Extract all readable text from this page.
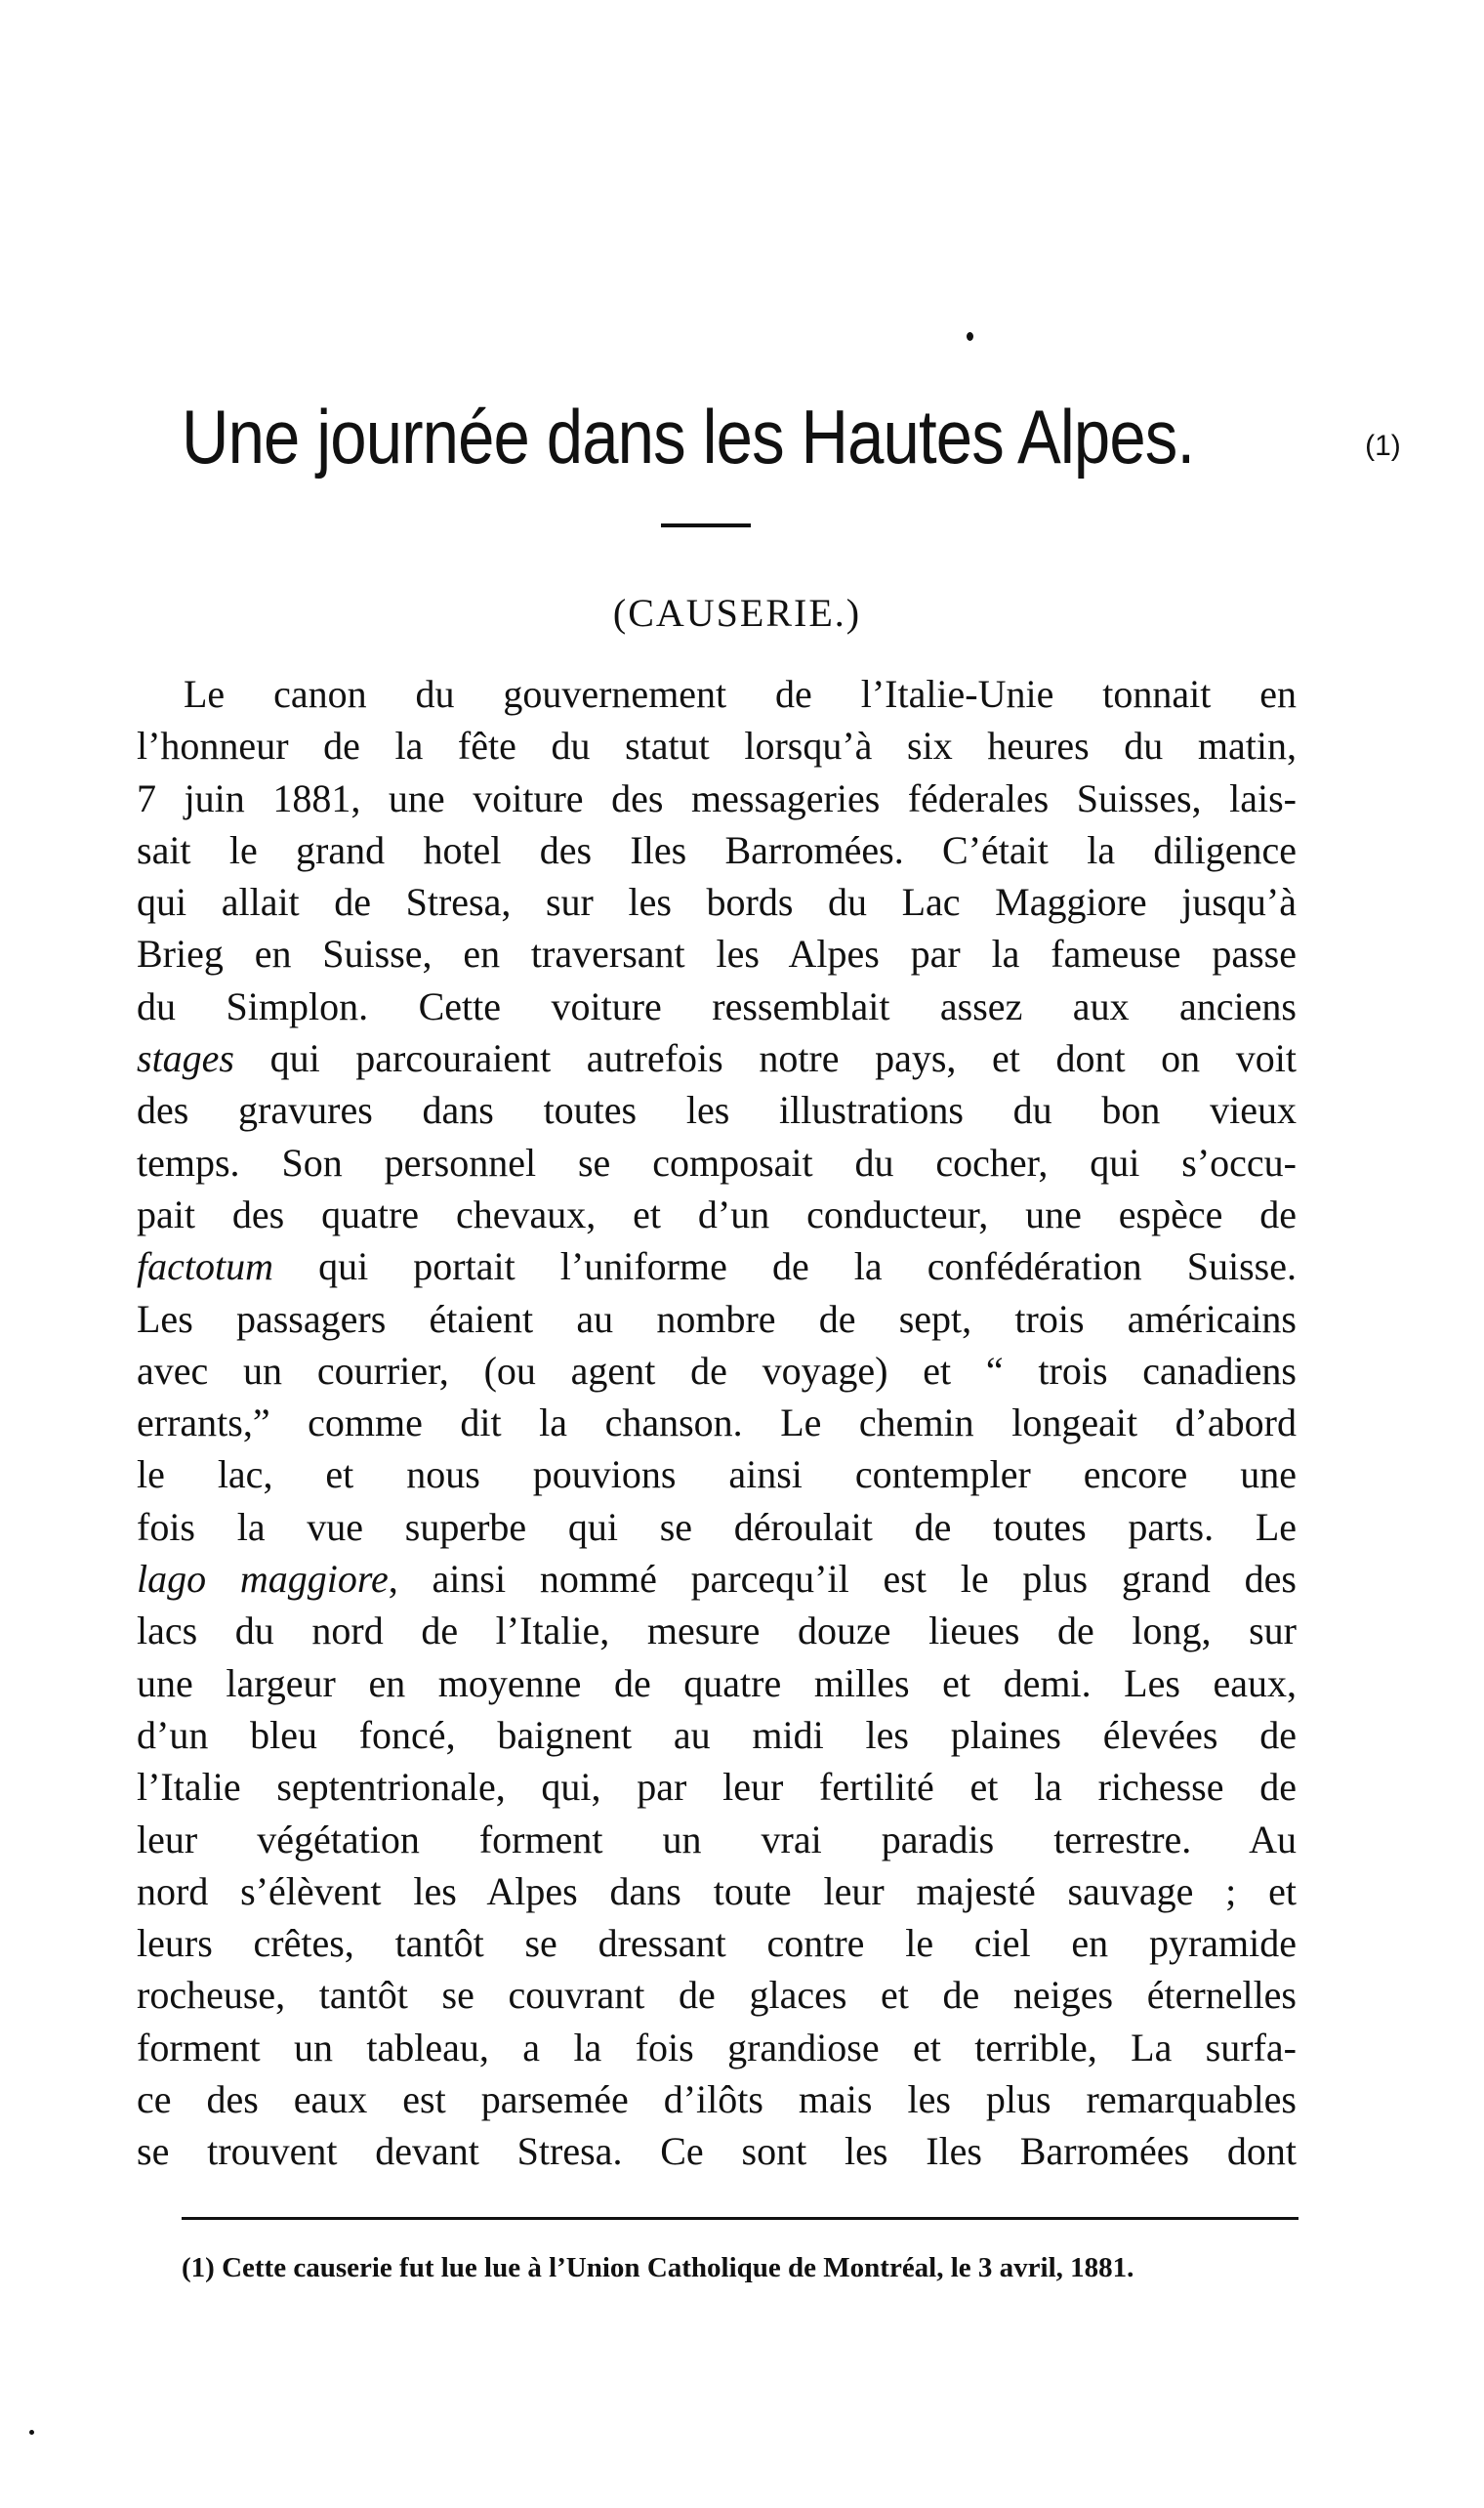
Une journée dans les Hautes Alpes.	(1)
(CAUSERIE.)
Le canon du gouvernement de l’Italie-Unie tonnait en
l’honneur de la fête du statut lorsqu’à six heures du matin,
7 juin 1881, une voiture des messageries féderales Suisses, lais-
sait le grand hotel des Iles Barromées. C’était la diligence
qui allait de Stresa, sur les bords du Lac Maggiore jusqu’à
Brieg en Suisse, en traversant les Alpes par la fameuse passe
du Simplon. Cette voiture ressemblait assez aux anciens
stages qui parcouraient autrefois notre pays, et dont on voit
des gravures dans toutes les illustrations du bon vieux
temps. Son personnel se composait du cocher, qui s’occu-
pait des quatre chevaux, et d’un conducteur, une espèce de
factotum qui portait l’uniforme de la confédération Suisse.
Les passagers étaient au nombre de sept, trois américains
avec un courrier, (ou agent de voyage) et “ trois canadiens
errants,” comme dit la chanson. Le chemin longeait d’abord
le lac, et nous pouvions ainsi contempler encore une
fois la vue superbe qui se déroulait de toutes parts. Le
lago maggiore, ainsi nommé parcequ’il est le plus grand des
lacs du nord de l’Italie, mesure douze lieues de long, sur
une largeur en moyenne de quatre milles et demi. Les eaux,
d’un bleu foncé, baignent au midi les plaines élevées de
l’Italie septentrionale, qui, par leur fertilité et la richesse de
leur végétation forment un vrai paradis terrestre. Au
nord s’élèvent les Alpes dans toute leur majesté sauvage ; et
leurs crêtes, tantôt se dressant contre le ciel en pyramide
rocheuse, tantôt se couvrant de glaces et de neiges éternelles
forment un tableau, a la fois grandiose et terrible, La surfa-
ce des eaux est parsemée d’ilôts mais les plus remarquables
se trouvent devant Stresa. Ce sont les Iles Barromées dont
(1) Cette causerie fut lue lue à l’Union Catholique de Montréal, le 3 avril, 1881.
